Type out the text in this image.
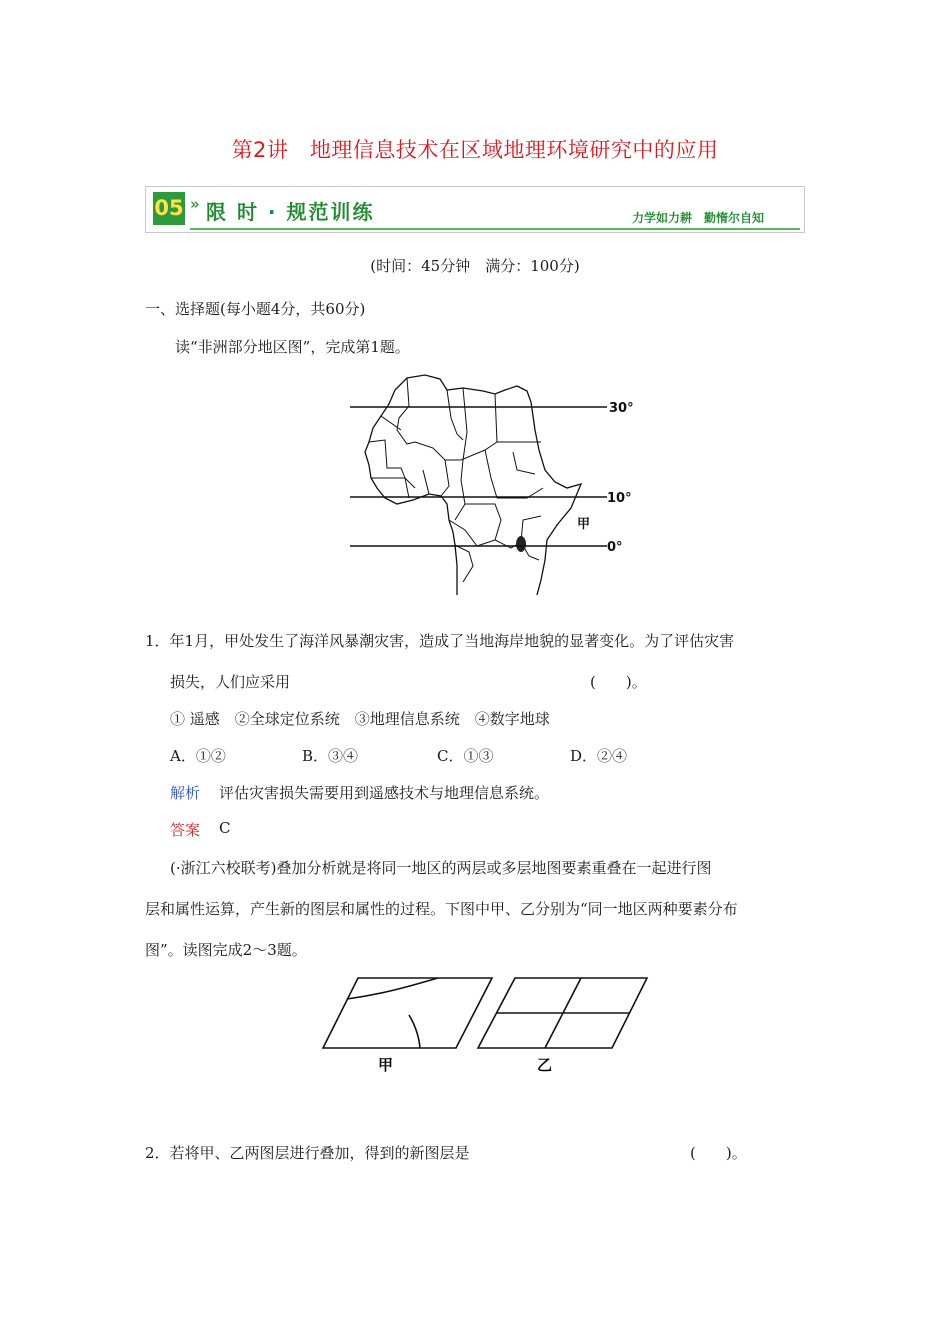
第2讲　地理信息技术在区域地理环境研究中的应用
05 » 限 时 · 规范训练	力学如力耕　勤惰尔自知
(时间：45分钟　满分：100分)
一、选择题(每小题4分，共60分)
读“非洲部分地区图”，完成第1题。
30°
10°
0°
甲
1．年1月，甲处发生了海洋风暴潮灾害，造成了当地海岸地貌的显著变化。为了评估灾害
损失，人们应采用	(　　)。
① 遥感　②全球定位系统　③地理信息系统　④数字地球
A．①②	B．③④	C．①③	D．②④
解析 评估灾害损失需要用到遥感技术与地理信息系统。
答案 C
(·浙江六校联考)叠加分析就是将同一地区的两层或多层地图要素重叠在一起进行图
层和属性运算，产生新的图层和属性的过程。下图中甲、乙分别为“同一地区两种要素分布
图”。读图完成2～3题。
甲	乙
2．若将甲、乙两图层进行叠加，得到的新图层是	(　　)。
